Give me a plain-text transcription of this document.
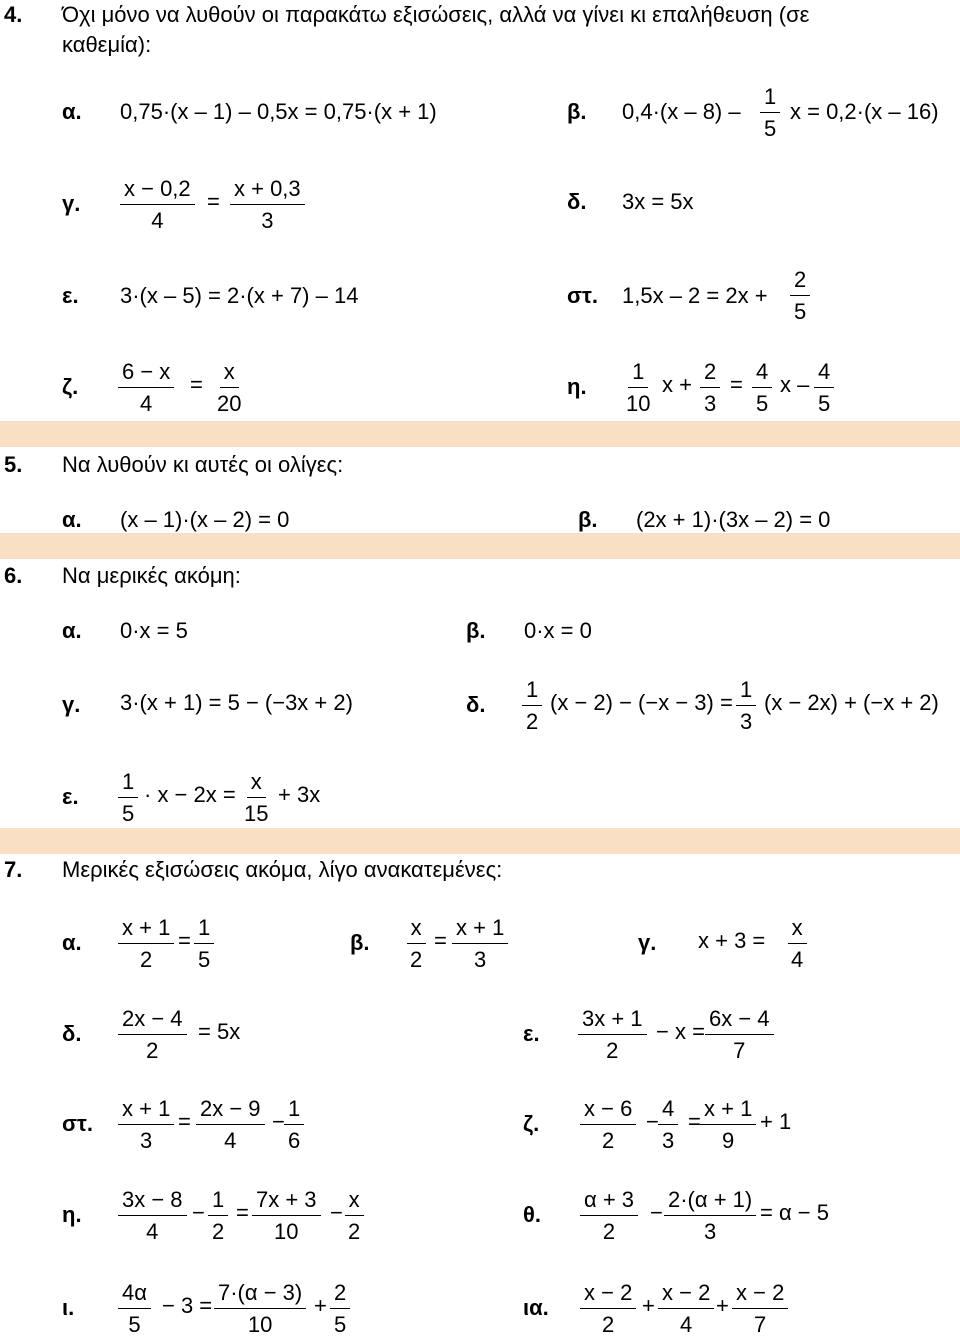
4. Όχι μόνο να λυθούν οι παρακάτω εξισώσεις, αλλά να γίνει κι επαλήθευση (σε
καθεμία):
α. 0,75·(x – 1) – 0,5x = 0,75·(x + 1)	β. $0,4\cdot(x - 8) - \frac{1}{5}$ x = 0,2·(x – 16)
γ. $\frac{x - 0,2}{4} = \frac{x + 0,3}{3}$	δ. 3x = 5x
ε. 3·(x – 5) = 2·(x + 7) – 14	στ. $1,5x - 2 = 2x + \frac{2}{5}$
ζ. $\frac{6 - x}{4} = \frac{x}{20}$	η. $\frac{1}{10}$ $x + \frac{2}{3} = \frac{4}{5}$ x – $\frac{4}{5}$
5. Να λυθούν κι αυτές οι ολίγες:
α. (x – 1)·(x – 2) = 0	β. (2x + 1)·(3x – 2) = 0
6. Να μερικές ακόμη:
α. 0·x = 5	β. 0·x = 0
γ. 3·(x + 1) = 5 − (−3x + 2)	δ. $\frac{1}{2} (x - 2) - (-x - 3) = \frac{1}{3} (x - 2x) + (-x + 2)$
ε. $\frac{1}{5} \cdot x - 2x = \frac{x}{15} + 3x$
7. Μερικές εξισώσεις ακόμα, λίγο ανακατεμένες:
α. $\frac{x + 1}{2} = \frac{1}{5}$	β. $\frac{x}{2} = \frac{x + 1}{3}$	γ. $x + 3 = \frac{x}{4}$
δ. $\frac{2x - 4}{2} = 5x$	ε. $\frac{3x + 1}{2} - x = \frac{6x - 4}{7}$
στ. $\frac{x + 1}{3} = \frac{2x - 9}{4} - \frac{1}{6}$	ζ. $\frac{x - 6}{2} - \frac{4}{3} = \frac{x + 1}{9} + 1$
η. $\frac{3x - 8}{4} - \frac{1}{2} = \frac{7x + 3}{10} - \frac{x}{2}$	θ. $\frac{\alpha + 3}{2} - \frac{2\cdot(\alpha + 1)}{3} = \alpha - 5$
ι. $\frac{4\alpha}{5} - 3 = \frac{7\cdot(\alpha - 3)}{10} + \frac{2}{5}$	ια. $\frac{x - 2}{2} + \frac{x - 2}{4} + \frac{x - 2}{7}$
